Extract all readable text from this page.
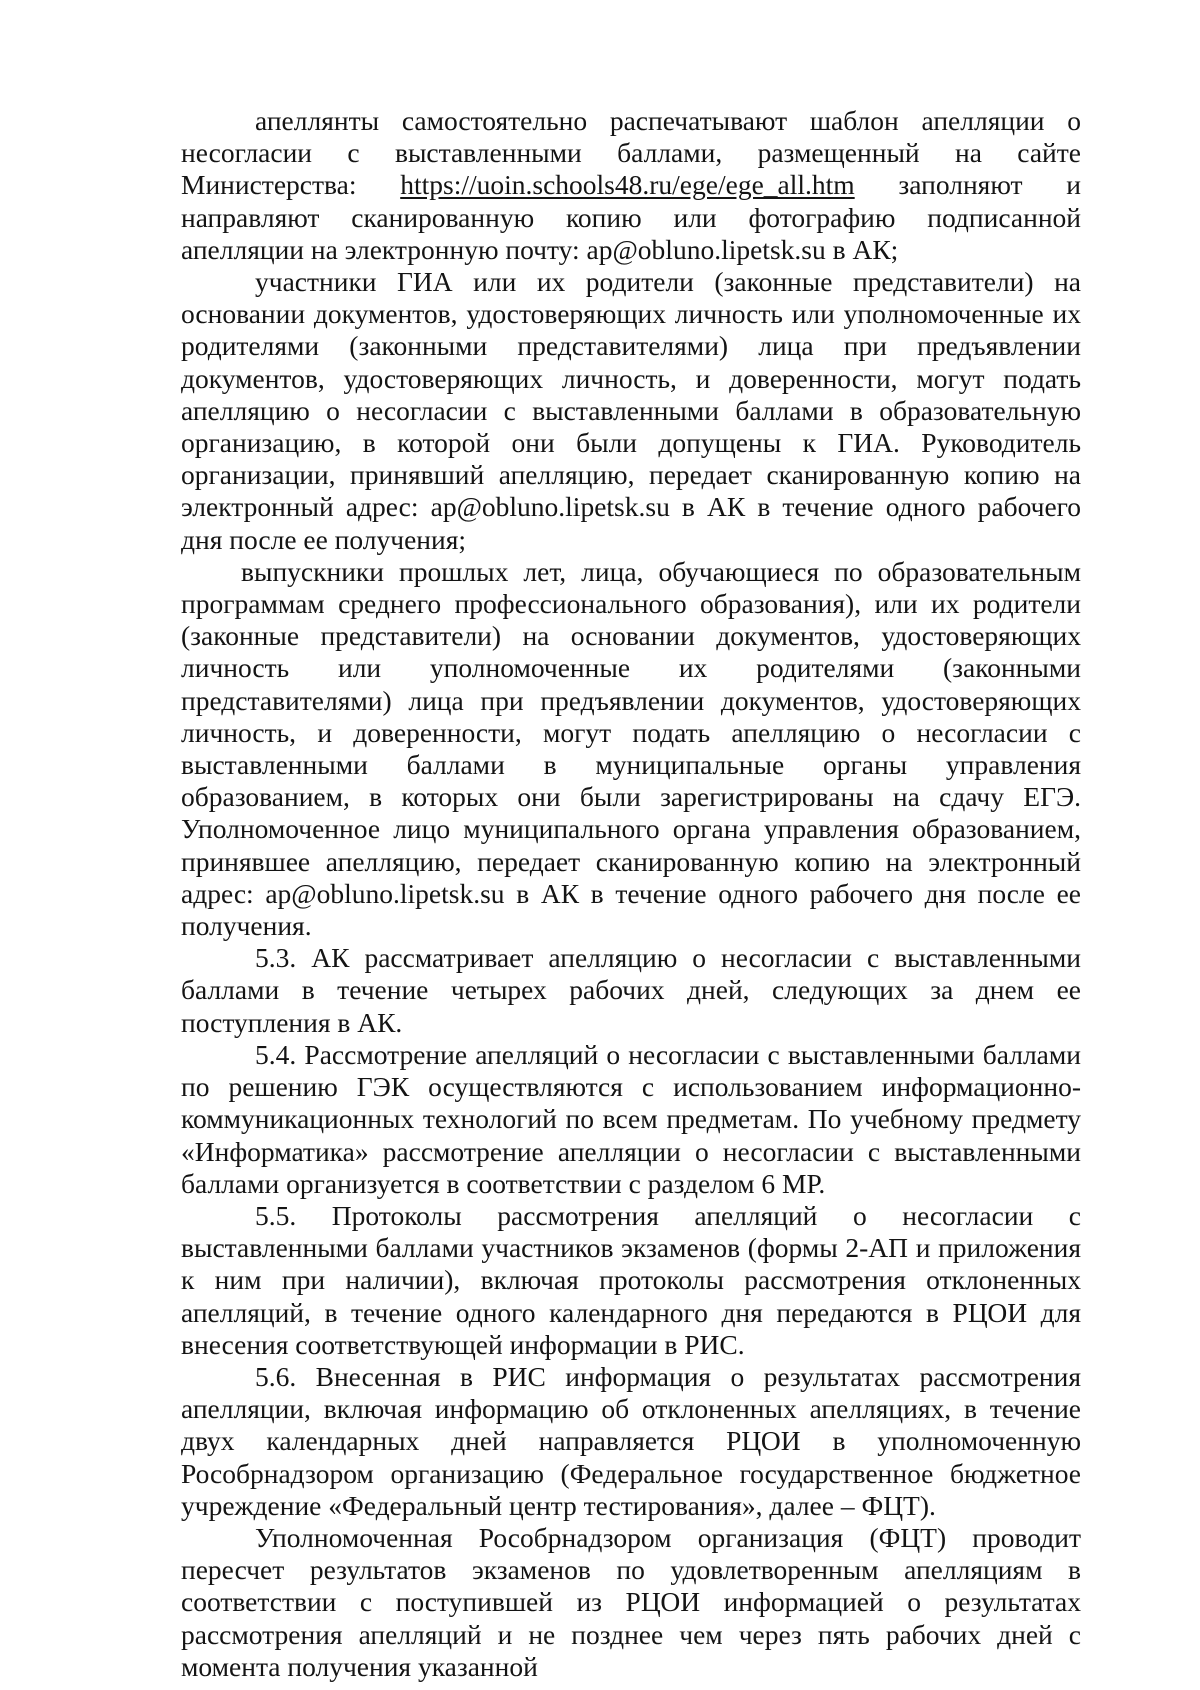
апеллянты самостоятельно распечатывают шаблон апелляции о несогласии с выставленными баллами, размещенный на сайте Министерства: https://uoin.schools48.ru/ege/ege_all.htm заполняют и направляют сканированную копию или фотографию подписанной апелляции на электронную почту: ap@obluno.lipetsk.su в АК;

участники ГИА или их родители (законные представители) на основании документов, удостоверяющих личность или уполномоченные их родителями (законными представителями) лица при предъявлении документов, удостоверяющих личность, и доверенности, могут подать апелляцию о несогласии с выставленными баллами в образовательную организацию, в которой они были допущены к ГИА. Руководитель организации, принявший апелляцию, передает сканированную копию на электронный адрес: ap@obluno.lipetsk.su в АК в течение одного рабочего дня после ее получения;

выпускники прошлых лет, лица, обучающиеся по образовательным программам среднего профессионального образования), или их родители (законные представители) на основании документов, удостоверяющих личность или уполномоченные их родителями (законными представителями) лица при предъявлении документов, удостоверяющих личность, и доверенности, могут подать апелляцию о несогласии с выставленными баллами в муниципальные органы управления образованием, в которых они были зарегистрированы на сдачу ЕГЭ. Уполномоченное лицо муниципального органа управления образованием, принявшее апелляцию, передает сканированную копию на электронный адрес: ap@obluno.lipetsk.su в АК в течение одного рабочего дня после ее получения.

5.3. АК рассматривает апелляцию о несогласии с выставленными баллами в течение четырех рабочих дней, следующих за днем ее поступления в АК.

5.4. Рассмотрение апелляций о несогласии с выставленными баллами по решению ГЭК осуществляются с использованием информационно-коммуникационных технологий по всем предметам. По учебному предмету «Информатика» рассмотрение апелляции о несогласии с выставленными баллами организуется в соответствии с разделом 6 МР.

5.5. Протоколы рассмотрения апелляций о несогласии с выставленными баллами участников экзаменов (формы 2-АП и приложения к ним при наличии), включая протоколы рассмотрения отклоненных апелляций, в течение одного календарного дня передаются в РЦОИ для внесения соответствующей информации в РИС.

5.6. Внесенная в РИС информация о результатах рассмотрения апелляции, включая информацию об отклоненных апелляциях, в течение двух календарных дней направляется РЦОИ в уполномоченную Рособрнадзором организацию (Федеральное государственное бюджетное учреждение «Федеральный центр тестирования», далее – ФЦТ).

Уполномоченная Рособрнадзором организация (ФЦТ) проводит пересчет результатов экзаменов по удовлетворенным апелляциям в соответствии с поступившей из РЦОИ информацией о результатах рассмотрения апелляций и не позднее чем через пять рабочих дней с момента получения указанной
